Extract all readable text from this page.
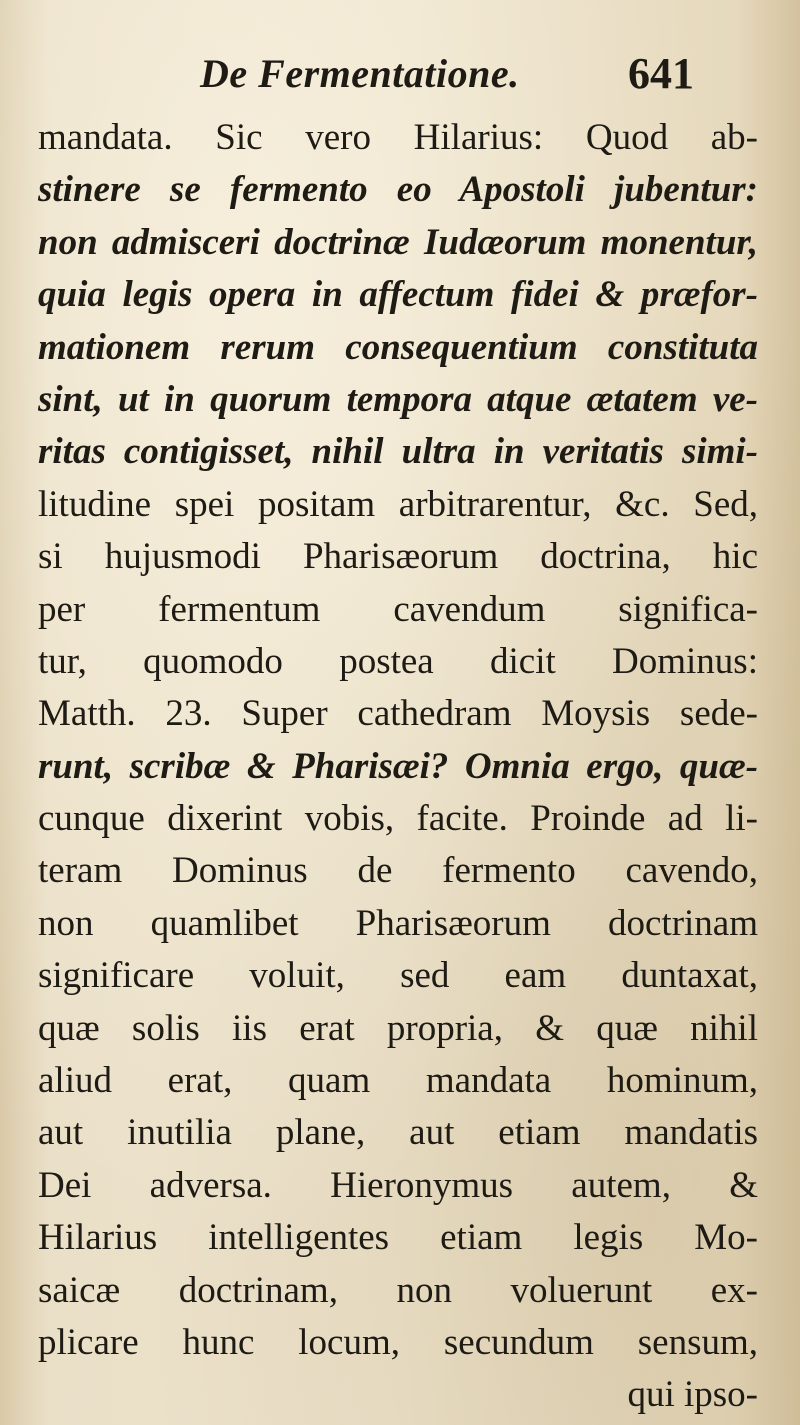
De Fermentatione. 641
mandata. Sic vero Hilarius: Quod ab-
stinere se fermento eo Apostoli jubentur:
non admisceri doctrinæ Iudæorum monentur,
quia legis opera in affectum fidei & præfor-
mationem rerum consequentium constituta
sint, ut in quorum tempora atque ætatem ve-
ritas contigisset, nihil ultra in veritatis simi-
litudine spei positam arbitrarentur, &c. Sed,
si hujusmodi Pharisæorum doctrina, hic
per fermentum cavendum significa-
tur, quomodo postea dicit Dominus:
Matth. 23. Super cathedram Moysis sede-
runt, scribæ & Pharisæi? Omnia ergo, quæ-
cunque dixerint vobis, facite. Proinde ad li-
teram Dominus de fermento cavendo,
non quamlibet Pharisæorum doctrinam
significare voluit, sed eam duntaxat,
quæ solis iis erat propria, & quæ nihil
aliud erat, quam mandata hominum,
aut inutilia plane, aut etiam mandatis
Dei adversa. Hieronymus autem, &
Hilarius intelligentes etiam legis Mo-
saicæ doctrinam, non voluerunt ex-
plicare hunc locum, secundum sensum,
qui ipso-
